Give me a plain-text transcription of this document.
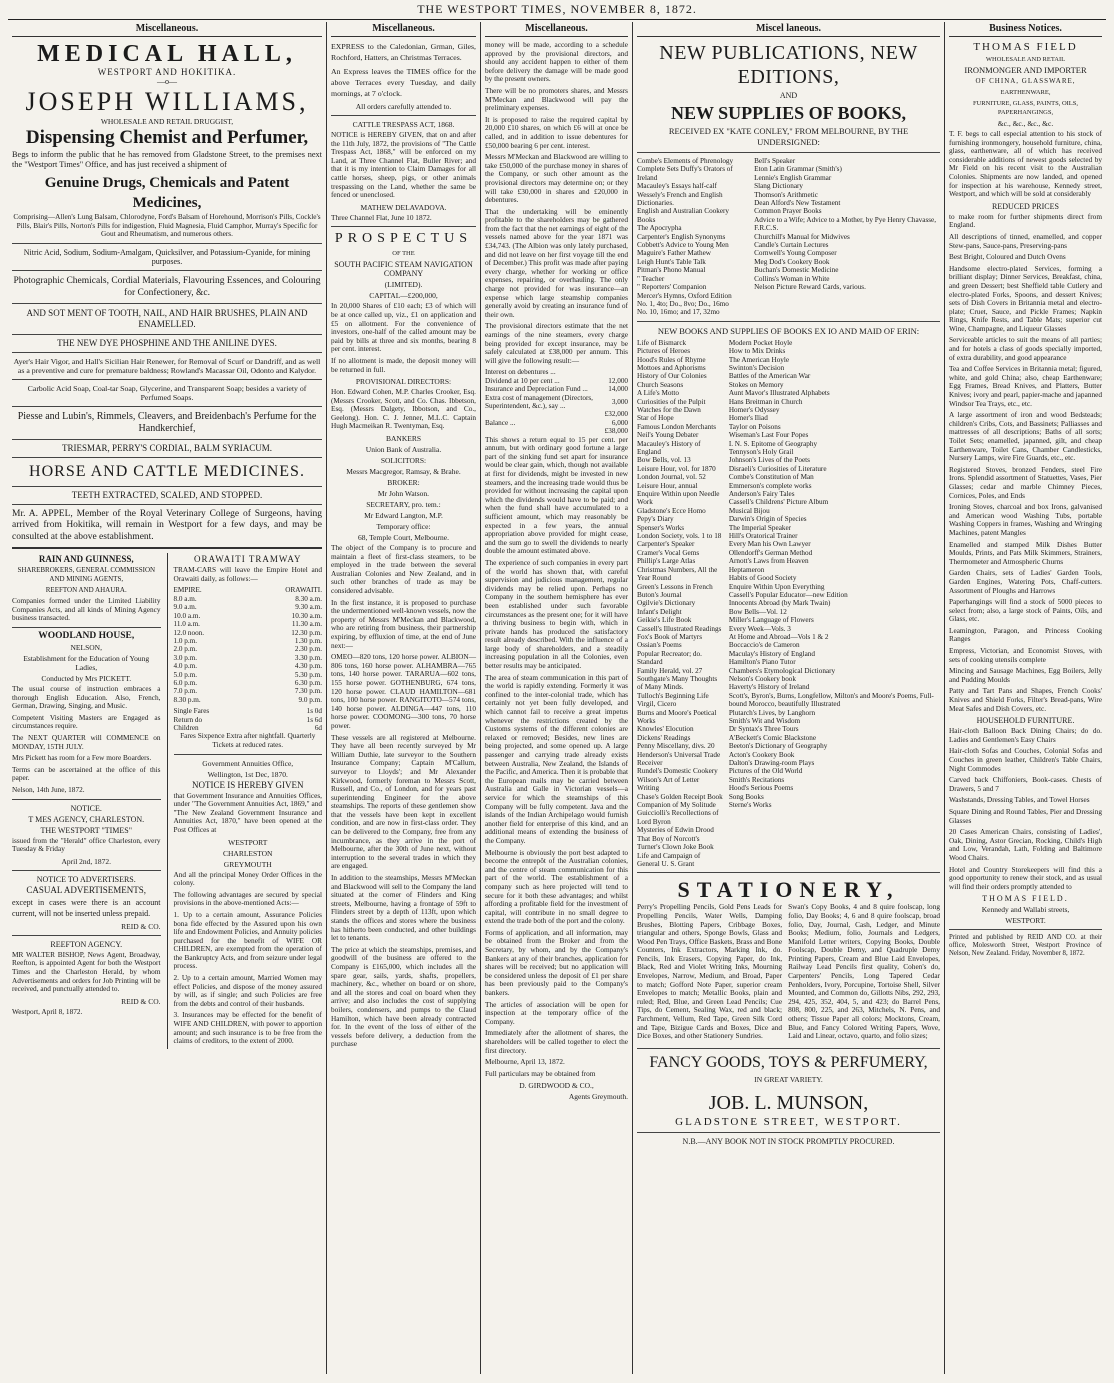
THE WESTPORT TIMES, NOVEMBER 8, 1872.
Miscellaneous.
MEDICAL HALL,
WESTPORT AND HOKITIKA.
—o—
JOSEPH WILLIAMS,
WHOLESALE AND RETAIL DRUGGIST,
Dispensing Chemist and Perfumer,

Begs to inform the public that he has removed from Gladstone Street, to the premises next the "Westport Times" Office, and has just received a shipment of

Genuine Drugs, Chemicals and Patent Medicines,

Comprising—Allen's Lung Balsam, Chlorodyne, Ford's Balsam of Horehound, Morrison's Pills, Cockle's Pills, Blair's Pills, Norton's Pills for indigestion, Fluid Magnesia, Fluid Camphor, Murray's Specific for Gout and Rheumatism, and numerous others.

Nitric Acid, Sodium, Sodium-Amalgam, Quicksilver, and Potassium-Cyanide, for mining purposes.

Photographic Chemicals, Cordial Materials, Flavouring Essences, and Colouring for Confectionery, &c.

AND SOT MENT OF TOOTH, NAIL, AND HAIR BRUSHES, PLAIN AND ENAMELLED.

THE NEW DYE PHOSPHINE AND THE ANILINE DYES.

Ayer's Hair Vigor, and Hall's Sicilian Hair Renewer, for Removal of Scurf or Dandriff, and as well as a preventive and cure for premature baldness; Rowland's Macassar Oil, Odonto and Kalydor.

Carbolic Acid Soap, Coal-tar Soap, Glycerine, and Transparent Soap; besides a variety of Perfumed Soaps.

Piesse and Lubin's, Rimmels, Cleavers, and Breidenbach's Perfume for the Handkerchief,

TRIESMAR, PERRY'S CORDIAL, BALM SYRIACUM.

HORSE AND CATTLE MEDICINES.

TEETH EXTRACTED, SCALED, AND STOPPED.

Mr. A. APPEL, Member of the Royal Veterinary College of Surgeons, having arrived from Hokitika, will remain in Westport for a few days, and may be consulted at the above establishment.

RAIN AND GUINNESS,
SHAREBROKERS, GENERAL COMMISSION AND MINING AGENTS,
REEFTON AND AHAURA.

Companies formed under the Limited Liability Companies Acts, and all kinds of Mining Agency business transacted.

WOODLAND HOUSE,
NELSON,

Establishment for the Education of Young Ladies,

Conducted by Mrs PICKETT.

The usual course of instruction embraces a thorough English Education. Also, French, German, Drawing, Singing, and Music.

Competent Visiting Masters are Engaged as circumstances require.

The NEXT QUARTER will COMMENCE on MONDAY, 15TH JULY.

Mrs Pickett has room for a Few more Boarders.

Terms can be ascertained at the office of this paper.

Nelson, 14th June, 1872.

NOTICE.
T MES AGENCY, CHARLESTON.
THE WESTPORT "TIMES"

issued from the "Herald" office Charleston, every Tuesday & Friday

April 2nd, 1872.
NOTICE TO ADVERTISERS.
CASUAL ADVERTISEMENTS,

except in cases were there is an account current, will not be inserted unless prepaid.

REID & CO.
REEFTON AGENCY.

MR WALTER BISHOP, News Agent, Broadway, Reefton, is appointed Agent for both the Westport Times and the Charleston Herald, by whom Advertisements and orders for Job Printing will be received, and punctually attended to.

REID & CO.
Westport, April 8, 1872.
ORAWAITI TRAMWAY

TRAM-CARS will leave the Empire Hotel and Orawaiti daily, as follows:—

EMPIRE.	ORAWAITI.
8.0 a.m.	8.30 a.m.
9.0 a.m.	9.30 a.m.
10.0 a.m.	10.30 a.m.
11.0 a.m.	11.30 a.m.
12.0 noon.	12.30 p.m.
1.0 p.m.	1.30 p.m.
2.0 p.m.	2.30 p.m.
3.0 p.m.	3.30 p.m.
4.0 p.m.	4.30 p.m.
5.0 p.m.	5.30 p.m.
6.0 p.m.	6.30 p.m.
7.0 p.m.	7.30 p.m.
8.30 p.m.	9.0 p.m.
Single Fares	1s 0d
Return do	1s 6d
Children	6d

Fares Sixpence Extra after nightfall. Quarterly Tickets at reduced rates.

Government Annuities Office,
Wellington, 1st Dec, 1870.
NOTICE IS HEREBY GIVEN

that Government Insurance and Annuities Offices, under "The Government Annuities Act, 1869," and "The New Zealand Government Insurance and Annuities Act, 1870," have been opened at the Post Offices at

WESTPORT
CHARLESTON
GREYMOUTH

And all the principal Money Order Offices in the colony.

The following advantages are secured by special provisions in the above-mentioned Acts:—

1. Up to a certain amount, Assurance Policies bona fide effected by the Assured upon his own life and Endowment Policies, and Annuity policies purchased for the benefit of WIFE OR CHILDREN, are exempted from the operation of the Bankruptcy Acts, and from seizure under legal process.

2. Up to a certain amount, Married Women may effect Policies, and dispose of the money assured by will, as if single; and such Policies are free from the debts and control of their husbands.

3. Insurances may be effected for the benefit of WIFE AND CHILDREN, with power to apportion amount; and such insurance is to be free from the claims of creditors, to the extent of 2000.

Miscellaneous.

EXPRESS to the Caledonian, Grman, Giles, Rochford, Hatters, an Christmas Terraces.

An Express leaves the TIMES office for the above Terraces every Tuesday, and daily mornings, at 7 o'clock.

All orders carefully attended to.

CATTLE TRESPASS ACT, 1868.

NOTICE is HEREBY GIVEN, that on and after the 11th July, 1872, the provisions of "The Cattle Trespass Act, 1868," will be enforced on my Land, at Three Channel Flat, Buller River; and that it is my intention to Claim Damages for all cattle horses, sheep, pigs, or other animals trespassing on the Land, whether the same be fenced or unenclosed.

MATHEW DELAVADOVA.
Three Channel Flat, June 10 1872.
PROSPECTUS
OF THE
SOUTH PACIFIC STEAM NAVIGATION COMPANY
(LIMITED).
CAPITAL—£200,000,

In 20,000 Shares of £10 each; £3 of which will be at once called up, viz., £1 on application and £5 on allotment. For the convenience of investors, one-half of the called amount may be paid by bills at three and six months, bearing 8 per cent. interest.

If no allotment is made, the deposit money will be returned in full.

PROVISIONAL DIRECTORS:

Hon. Edward Cohen, M.P. Charles Crooker, Esq. (Messrs Crooker, Scott, and Co. Chas. Ibbetson, Esq. (Messrs Dalgety, Ibbotson, and Co., Geelong). Hon. C. J. Jenner, M.L.C. Captain Hugh Macmeikan R. Twentyman, Esq.

BANKERS
Union Bank of Australia.
SOLICITORS:
Messrs Macgregor, Ramsay, & Brahe.
BROKER:
Mr John Watson.
SECRETARY, pro. tem.:
Mr Edward Langton, M.P.
Temporary office:
68, Temple Court, Melbourne.

The object of the Company is to procure and maintain a fleet of first-class steamers, to be employed in the trade between the several Australian Colonies and New Zealand, and in such other branches of trade as may be considered advisable.

In the first instance, it is proposed to purchase the undermentioned well-known vessels, now the property of Messrs M'Meckan and Blackwood, who are retiring from business, their partnership expiring, by effluxion of time, at the end of June next:—

OMEO—820 tons, 120 horse power. ALBION—806 tons, 160 horse power. ALHAMBRA—765 tons, 140 horse power. TARARUA—602 tons, 155 horse power. GOTHENBURG, 674 tons, 120 horse power. CLAUD HAMILTON—681 tons, 100 horse power. RANGITOTO—574 tons, 140 horse power. ALDINGA—447 tons, 110 horse power. COOMONG—300 tons, 70 horse power.

These vessels are all registered at Melbourne. They have all been recently surveyed by Mr William Duthie, late surveyor to the Southern Insurance Company; Captain M'Callum, surveyor to Lloyds'; and Mr Alexander Kirkwood, formerly foreman to Messrs Scott, Russell, and Co., of London, and for years past superintending Engineer for the above steamships. The reports of these gentlemen show that the vessels have been kept in excellent condition, and are now in first-class order. They can be delivered to the Company, free from any incumbrance, as they arrive in the port of Melbourne, after the 30th of June next, without interruption to the several trades in which they are engaged.

In addition to the steamships, Messrs M'Meckan and Blackwood will sell to the Company the land situated at the corner of Flinders and King streets, Melbourne, having a frontage of 59ft to Flinders street by a depth of 113ft, upon which stands the offices and stores where the business has hitherto been conducted, and other buildings let to tenants.

The price at which the steamships, premises, and goodwill of the business are offered to the Company is £165,000, which includes all the spare gear, sails, yards, shafts, propellers, machinery, &c., whether on board or on shore, and all the stores and coal on board when they arrive; and also includes the cost of supplying boilers, condensers, and pumps to the Claud Hamilton, which have been already contracted for. In the event of the loss of either of the vessels before delivery, a deduction from the purchase

Miscellaneous.

money will be made, according to a schedule approved by the provisional directors, and should any accident happen to either of them before delivery the damage will be made good by the present owners.

There will be no promoters shares, and Messrs M'Meckan and Blackwood will pay the preliminary expenses.

It is proposed to raise the required capital by 20,000 £10 shares, on which £6 will at once be called, and in addition to issue debentures for £50,000 bearing 6 per cent. interest.

Messrs M'Meckan and Blackwood are willing to take £50,000 of the purchase money in shares of the Company, or such other amount as the provisional directors may determine on; or they will take £30,000 in shares and £20,000 in debentures.

That the undertaking will be eminently profitable to the shareholders may be gathered from the fact that the net earnings of eight of the vessels named above for the year 1871 was £34,743. (The Albion was only lately purchased, and did not leave on her first voyage till the end of December.) This profit was made after paying every charge, whether for working or office expenses, repairing, or overhauling. The only charge not provided for was insurance—an expense which large steamship companies generally avoid by creating an insurance fund of their own.

The provisional directors estimate that the net earnings of the nine steamers, every charge being provided for except insurance, may be safely calculated at £38,000 per annum. This will give the following result:—

Interest on debentures ...	
Dividend at 10 per cent ...	12,000
Insurance and Depreciation Fund ...	14,000
Extra cost of management (Directors, Superintendent, &c.), say ...	3,000
	£32,000
Balance ...	6,000
	£38,000

This shows a return equal to 15 per cent. per annum, but with ordinary good fortune a large part of the sinking fund set apart for insurance would be clear gain, which, though not available at first for dividends, might be invested in new steamers, and the increasing trade would thus be provided for without increasing the capital upon which the dividends would have to be paid; and when the fund shall have accumulated to a sufficient amount, which may reasonably be expected in a few years, the annual appropriation above provided for might cease, and the sum go to swell the dividends to nearly double the amount estimated above.

The experience of such companies in every part of the world has shown that, with careful supervision and judicious management, regular dividends may be relied upon. Perhaps no Company in the southern hemisphere has ever been established under such favorable circumstances as the present one; for it will have a thriving business to begin with, which in private hands has produced the satisfactory result already described. With the influence of a large body of shareholders, and a steadily increasing population in all the Colonies, even better results may be anticipated.

The area of steam communication in this part of the world is rapidly extending. Formerly it was confined to the inter-colonial trade, which has certainly not yet been fully developed, and which cannot fail to receive a great impetus whenever the restrictions created by the Customs systems of the different colonies are relaxed or removed; Besides, new lines are being projected, and some opened up. A large passenger and carrying trade already exists between Australia, New Zealand, the Islands of the Pacific, and America. Then it is probable that the European mails may be carried between Australia and Galle in Victorian vessels—a service for which the steamships of this Company will be fully competent. Java and the islands of the Indian Archipelago would furnish another field for enterprise of this kind, and an additional means of extending the business of the Company.

Melbourne is obviously the port best adapted to become the entrepôt of the Australian colonies, and the centre of steam communication for this part of the world. The establishment of a company such as here projected will tend to secure for it both these advantages; and whilst affording a profitable field for the investment of capital, will contribute in no small degree to extend the trade both of the port and the colony.

Forms of application, and all information, may be obtained from the Broker and from the Secretary, by whom, and by the Company's Bankers at any of their branches, application for shares will be received; but no application will be considered unless the deposit of £1 per share has been previously paid to the Company's bankers.

The articles of association will be open for inspection at the temporary office of the Company.

Immediately after the allotment of shares, the shareholders will be called together to elect the first directory.

Melbourne, April 13, 1872.

Full particulars may be obtained from

D. GIRDWOOD & CO.,
Agents Greymouth.
Miscel laneous.
NEW PUBLICATIONS, NEW EDITIONS,
AND
NEW SUPPLIES OF BOOKS,

RECEIVED EX "KATE CONLEY," FROM MELBOURNE, BY THE UNDERSIGNED:

Combe's Elements of Phrenology
Complete Sets Duffy's Orators of Ireland
Macauley's Essays half-calf
Wessely's French and English Dictionaries.
English and Australian Cookery Books
The Apocrypha
Carpenter's English Synonyms
Cobbett's Advice to Young Men
Maguire's Father Mathew
Leigh Hunt's Table Talk
Pitman's Phono Manual
" Teacher
" Reporters' Companion
Mercer's Hymns, Oxford Edition
No. 1, 4to; Do., 8vo; Do., 16mo
No. 10, 16mo; and 17, 32mo
Bell's Speaker
Eton Latin Grammar (Smith's)
Lennie's English Grammar
Slang Dictionary
Thomson's Arithmetic
Dean Alford's New Testament
Common Prayer Books
Advice to a Wife; Advice to a Mother, by Pye Henry Chavasse, F.R.C.S.
Churchill's Manual for Midwives
Candle's Curtain Lectures
Cornwell's Young Composer
Meg Dod's Cookery Book
Buchan's Domestic Medicine
Collins's Woman in White
Nelson Picture Reward Cards, various.

NEW BOOKS AND SUPPLIES OF BOOKS EX IO AND MAID OF ERIN:

Life of Bismarck
Pictures of Heroes
Hood's Rules of Rhyme
Mottoes and Aphorisms
History of Our Colonies
Church Seasons
A Life's Motto
Curiosities of the Pulpit
Watches for the Dawn
Star of Hope
Famous London Merchants
Neil's Young Debater
Macauley's History of England
Bow Bells, vol. 13
Leisure Hour, vol. for 1870
London Journal, vol. 52
Leisure Hour, annual
Enquire Within upon Needle Work
Gladstone's Ecce Homo
Pepy's Diary
Spenser's Works
London Society, vols. 1 to 18
Carpenter's Speaker
Cramer's Vocal Gems
Phillip's Large Atlas
Christmas Numbers, All the Year Round
Green's Lessons in French
Buton's Journal
Ogilvie's Dictionary
Infant's Delight
Geikie's Life Book
Cassell's Illustrated Readings
Fox's Book of Martyrs
Ossian's Poems
Popular Recreator; do. Standard
Family Herald, vol. 27
Southgate's Many Thoughts of Many Minds.
Tulloch's Beginning Life
Virgil, Cicero
Burns and Moore's Poetical Works
Knowles' Elocution
Dickens' Readings
Penny Miscellany, divs. 20
Henderson's Universal Trade Receiver
Rundel's Domestic Cookery
Wilson's Art of Letter Writing
Chase's Golden Receipt Book
Companion of My Solitude
Guicciolli's Recollections of Lord Byron
Mysteries of Edwin Drood
That Boy of Norcott's
Turner's Clown Joke Book
Life and Campaign of General U. S. Grant
Modern Pocket Hoyle
How to Mix Drinks
The American Hoyle
Swinton's Decision
Battles of the American War
Stokes on Memory
Aunt Mavor's Illustrated Alphabets
Hans Breitman in Church
Homer's Odyssey
Homer's Iliad
Taylor on Poisons
Wiseman's Last Four Popes
I. N. S. Epitome of Geography
Tennyson's Holy Grail
Johnson's Lives of the Poets
Disraeli's Curiosities of Literature
Combe's Constitution of Man
Emmerson's complete works
Anderson's Fairy Tales
Cassell's Childrens' Picture Album
Musical Bijou
Darwin's Origin of Species
The Imperial Speaker
Hill's Oratorical Trainer
Every Man his Own Lawyer
Ollendorff's German Method
Arnott's Laws from Heaven
Heptameron
Habits of Good Society
Enquire Within Upon Everything
Cassell's Popular Educator—new Edition
Innocents Abroad (by Mark Twain)
Bow Bells—Vol. 12
Miller's Language of Flowers
Every Week—Vols. 3
At Home and Abroad—Vols 1 & 2
Boccaccio's de Cameron
Maculay's History of England
Hamilton's Piano Tutor
Chambers's Etymological Dictionary
Nelson's Cookery book
Haverty's History of Ireland
Scott's, Byron's, Burns, Longfellow, Milton's and Moore's Poems, Full-bound Morocco, beautifully Illustrated
Plutarch's Lives, by Langhorn
Smith's Wit and Wisdom
Dr Syntax's Three Tours
A'Beckett's Comic Blackstone
Beeton's Dictionary of Geography
Acton's Cookery Book
Dalton's Drawing-room Plays
Pictures of the Old World
Smith's Recitations
Hood's Serious Poems
Song Books
Sterne's Works
STATIONERY,

Perry's Propelling Pencils, Gold Pens Leads for Propelling Pencils, Water Wells, Damping Brushes, Blotting Papers, Cribbage Boxes, triangular and others, Sponge Bowls, Glass and Wood Pen Trays, Office Baskets, Brass and Bone Counters, Ink Extractors, Marking Ink, do. Pencils, Ink Erasers, Copying Paper, do Ink, Black, Red and Violet Writing Inks, Mourning Envelopes, Narrow, Medium, and Broad, Paper to match; Gofford Note Paper, superior cream Envelopes to match; Metallic Books, plain and ruled; Red, Blue, and Green Lead Pencils; Cue Tips, do Cement, Sealing Wax, red and black; Parchment, Vellum, Red Tape, Green Silk Cord and Tape, Bizigue Cards and Boxes, Dice and Dice Boxes, and other Stationery Sundries.

Swan's Copy Books, 4 and 8 quire foolscap, long folio, Day Books; 4, 6 and 8 quire foolscap, broad folio, Day, Journal, Cash, Ledger, and Minute Books; Medium, folio, Journals and Ledgers, Manifold Letter writers, Copying Books, Double Foolscap, Double Demy, and Quadruple Demy Printing Papers, Cream and Blue Laid Envelopes, Railway Lead Pencils first quality, Cohen's do, Carpenters' Pencils, Long Tapered Cedar Penholders, Ivory, Porcupine, Tortoise Shell, Silver Mounted, and Common do, Gillotts Nibs, 292, 293, 294, 425, 352, 404, 5, and 423; do Barrel Pens, 808, 800, 225, and 263, Mitchels, N. Pens, and others; Tissue Paper all colors; Mocktons, Cream, Blue, and Fancy Colored Writing Papers, Wove, Laid and Linear, octavo, quarto, and folio sizes;

FANCY GOODS, TOYS & PERFUMERY,
IN GREAT VARIETY.
JOB. L. MUNSON,
GLADSTONE STREET, WESTPORT.
N.B.—ANY BOOK NOT IN STOCK PROMPTLY PROCURED.
Business Notices.
THOMAS FIELD
WHOLESALE AND RETAIL
IRONMONGER AND IMPORTER
OF CHINA, GLASSWARE,
EARTHENWARE,
FURNITURE, GLASS, PAINTS, OILS, PAPERHANGINGS,
&c., &c., &c., &c.

T. F. begs to call especial attention to his stock of furnishing ironmongery, household furniture, china, glass, earthenware, all of which has received considerable additions of newest goods selected by Mr Field on his recent visit to the Australian Colonies. Shipments are now landed, and opened for inspection at his warehouse, Kennedy street, Westport, and which will be sold at considerably

REDUCED PRICES

to make room for further shipments direct from England.

All descriptions of tinned, enamelled, and copper Stew-pans, Sauce-pans, Preserving-pans

Best Bright, Coloured and Dutch Ovens

Handsome electro-plated Services, forming a brilliant display; Dinner Services, Breakfast, china, and green Dessert; best Sheffield table Cutlery and electro-plated Forks, Spoons, and dessert Knives; sets of Dish Covers in Britannia metal and electro-plate; Cruet, Sauce, and Pickle Frames; Napkin Rings, Knife Rests, and Table Mats; superior cut Wine, Champagne, and Liqueur Glasses

Serviceable articles to suit the means of all parties; and for hotels a class of goods specially imported, of extra durability, and good appearance

Tea and Coffee Services in Britannia metal; figured, white, and gold China; also, cheap Earthenware; Egg Frames, Bread Knives, and Platters, Butter Knives; ivory and pearl, papier-mache and japanned Windsor Tea Trays, etc., etc.

A large assortment of iron and wood Bedsteads; children's Cribs, Cots, and Bassinets; Palliasses and mattresses of all descriptions; Baths of all sorts; Toilet Sets; enamelled, japanned, gilt, and cheap Earthenware, Toilet Cans, Chamber Candlesticks, Nursery Lamps, wire Fire Guards, etc., etc.

Registered Stoves, bronzed Fenders, steel Fire Irons. Splendid assortment of Statuettes, Vases, Pier Glasses; cedar and marble Chimney Pieces, Cornices, Poles, and Ends

Ironing Stoves, charcoal and box Irons, galvanised and American wood Washing Tubs, portable Washing Coppers in frames, Washing and Wringing Machines, patent Mangles

Enamelled and stamped Milk Dishes Butter Moulds, Prints, and Pats Milk Skimmers, Strainers, Thermometer and Atmospheric Churns

Garden Chairs, sets of Ladies' Garden Tools, Garden Engines, Watering Pots, Chaff-cutters. Assortment of Ploughs and Harrows

Paperhangings will find a stock of 5000 pieces to select from; also, a large stock of Paints, Oils, and Glass, etc.

Leamington, Paragon, and Princess Cooking Ranges

Empress, Victorian, and Economist Stoves, with sets of cooking utensils complete

Mincing and Sausage Machines, Egg Boilers, Jelly and Pudding Moulds

Patty and Tart Pans and Shapes, French Cooks' Knives and Shield Forks, Filter's Bread-pans, Wire Meat Safes and Dish Covers, etc.

HOUSEHOLD FURNITURE.

Hair-cloth Balloon Back Dining Chairs; do do. Ladies and Gentlemen's Easy Chairs

Hair-cloth Sofas and Couches, Colonial Sofas and Couches in green leather, Children's Table Chairs, Night Commodes

Carved back Chiffoniers, Book-cases. Chests of Drawers, 5 and 7

Washstands, Dressing Tables, and Towel Horses

Square Dining and Round Tables, Pier and Dressing Glasses

20 Cases American Chairs, consisting of Ladies', Oak, Dining, Astor Grecian, Rocking, Child's High and Low, Verandah, Lath, Folding and Baltimore Wood Chairs.

Hotel and Country Storekeepers will find this a good opportunity to renew their stock, and as usual will find their orders promptly attended to

THOMAS FIELD.
Kennedy and Wallabi streets,
WESTPORT.

Printed and published by REID AND CO. at their office, Molesworth Street, Westport Province of Nelson, New Zealand. Friday, November 8, 1872.
